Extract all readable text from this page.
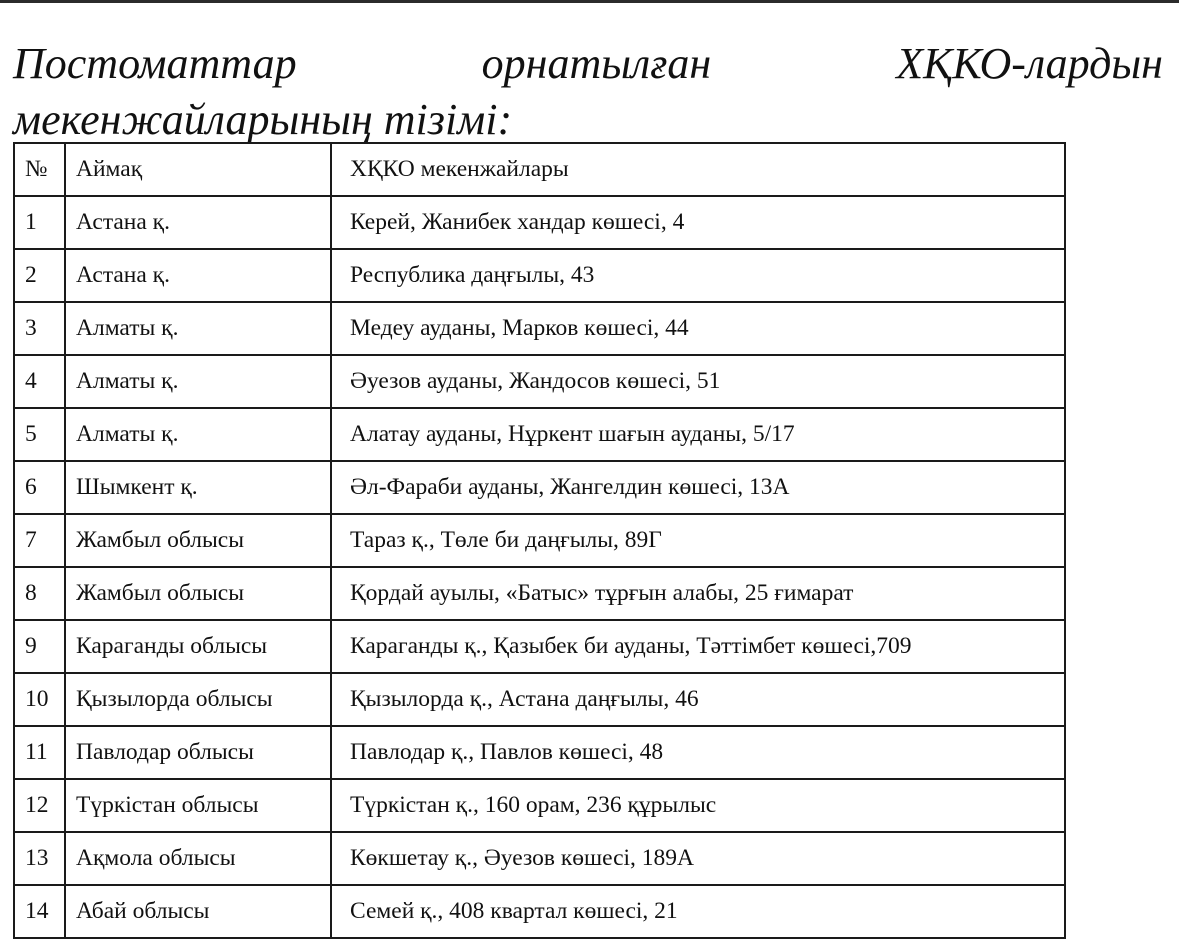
Постоматтар	орнатылған	ХҚКО-лардын
мекенжайларының тізімі:
№	Аймақ	ХҚКО мекенжайлары
1	Астана қ.	Керей, Жанибек хандар көшесі, 4
2	Астана қ.	Республика даңғылы, 43
3	Алматы қ.	Медеу ауданы, Марков көшесі, 44
4	Алматы қ.	Әуезов ауданы, Жандосов көшесі, 51
5	Алматы қ.	Алатау ауданы, Нұркент шағын ауданы, 5/17
6	Шымкент қ.	Әл-Фараби ауданы, Жангелдин көшесі, 13А
7	Жамбыл облысы	Тараз қ., Төле би даңғылы, 89Г
8	Жамбыл облысы	Қордай ауылы, «Батыс» тұрғын алабы, 25 ғимарат
9	Караганды облысы	Караганды қ., Қазыбек би ауданы, Тәттімбет көшесі,709
10	Қызылорда облысы	Қызылорда қ., Астана даңғылы, 46
11	Павлодар облысы	Павлодар қ., Павлов көшесі, 48
12	Түркістан облысы	Түркістан қ., 160 орам, 236 құрылыс
13	Ақмола облысы	Көкшетау қ., Әуезов көшесі, 189А
14	Абай облысы	Семей қ., 408 квартал көшесі, 21
